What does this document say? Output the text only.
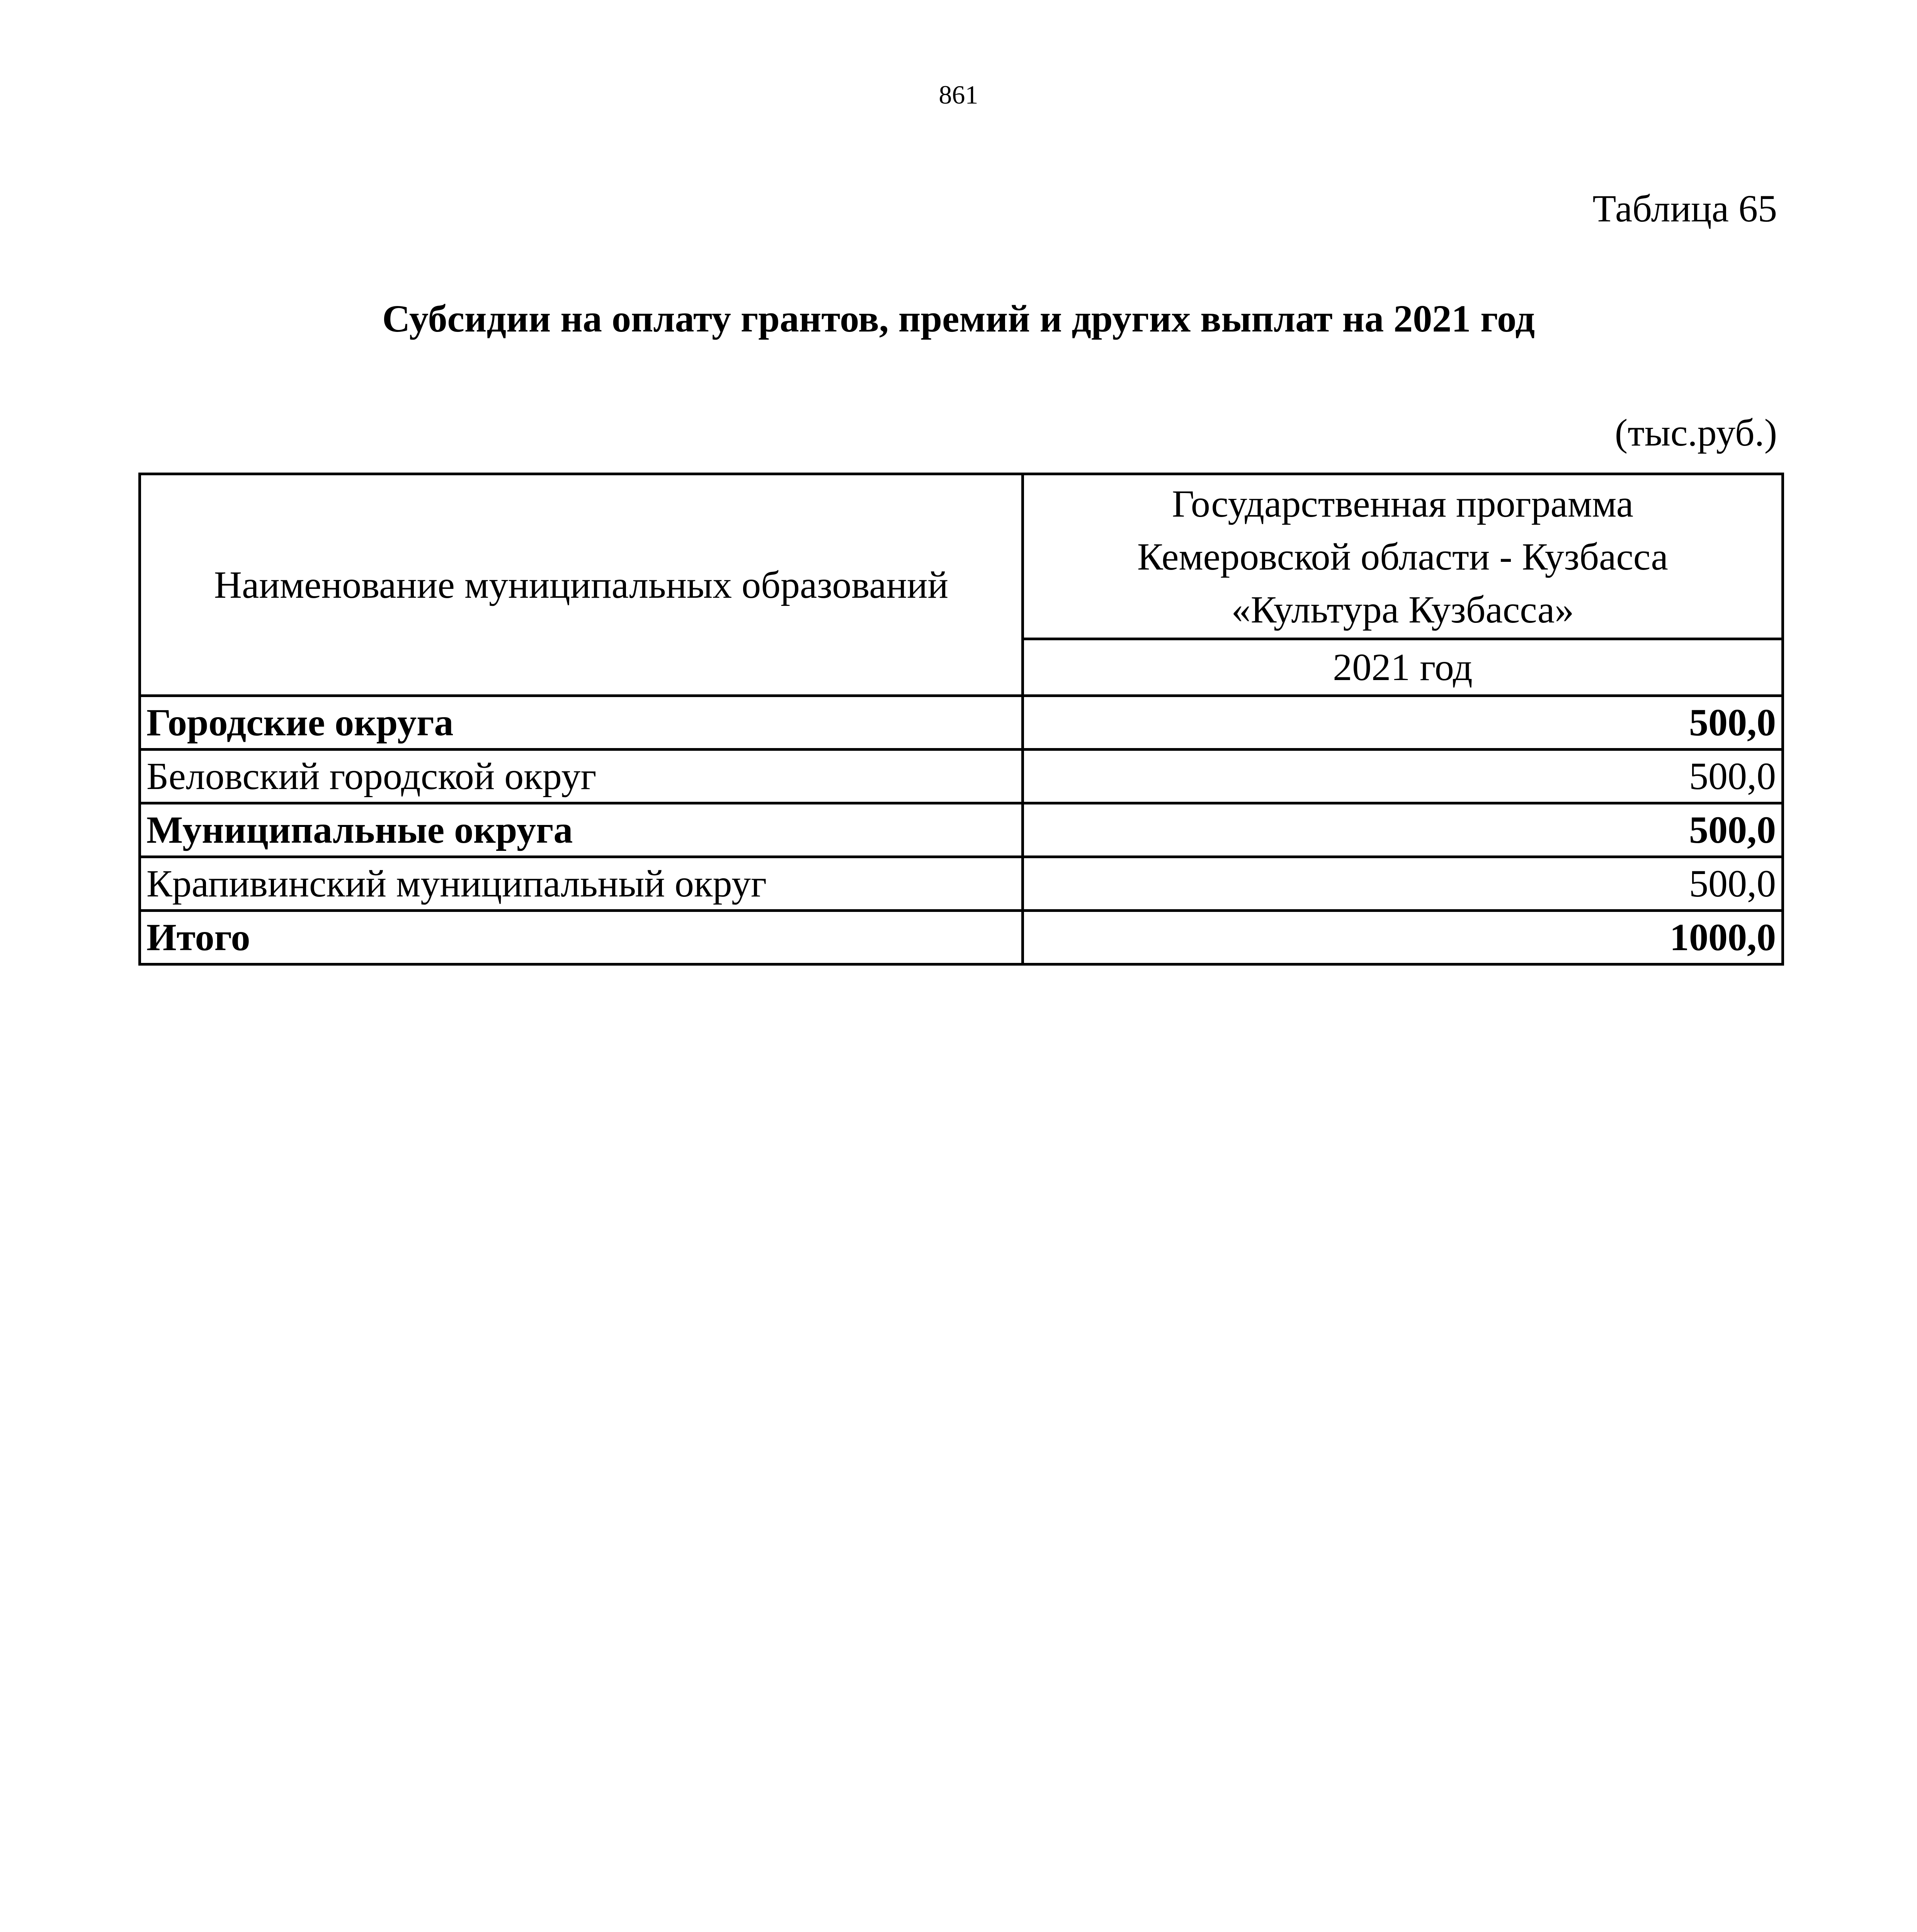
861
Таблица 65
Субсидии на оплату грантов, премий и других выплат на 2021 год
(тыс.руб.)
Наименование муниципальных образований	Государственная программа
Кемеровской области - Кузбасса
«Культура Кузбасса»

	2021 год
Городские округа	500,0
Беловский городской округ	500,0
Муниципальные округа	500,0
Крапивинский муниципальный округ	500,0
Итого	1000,0
